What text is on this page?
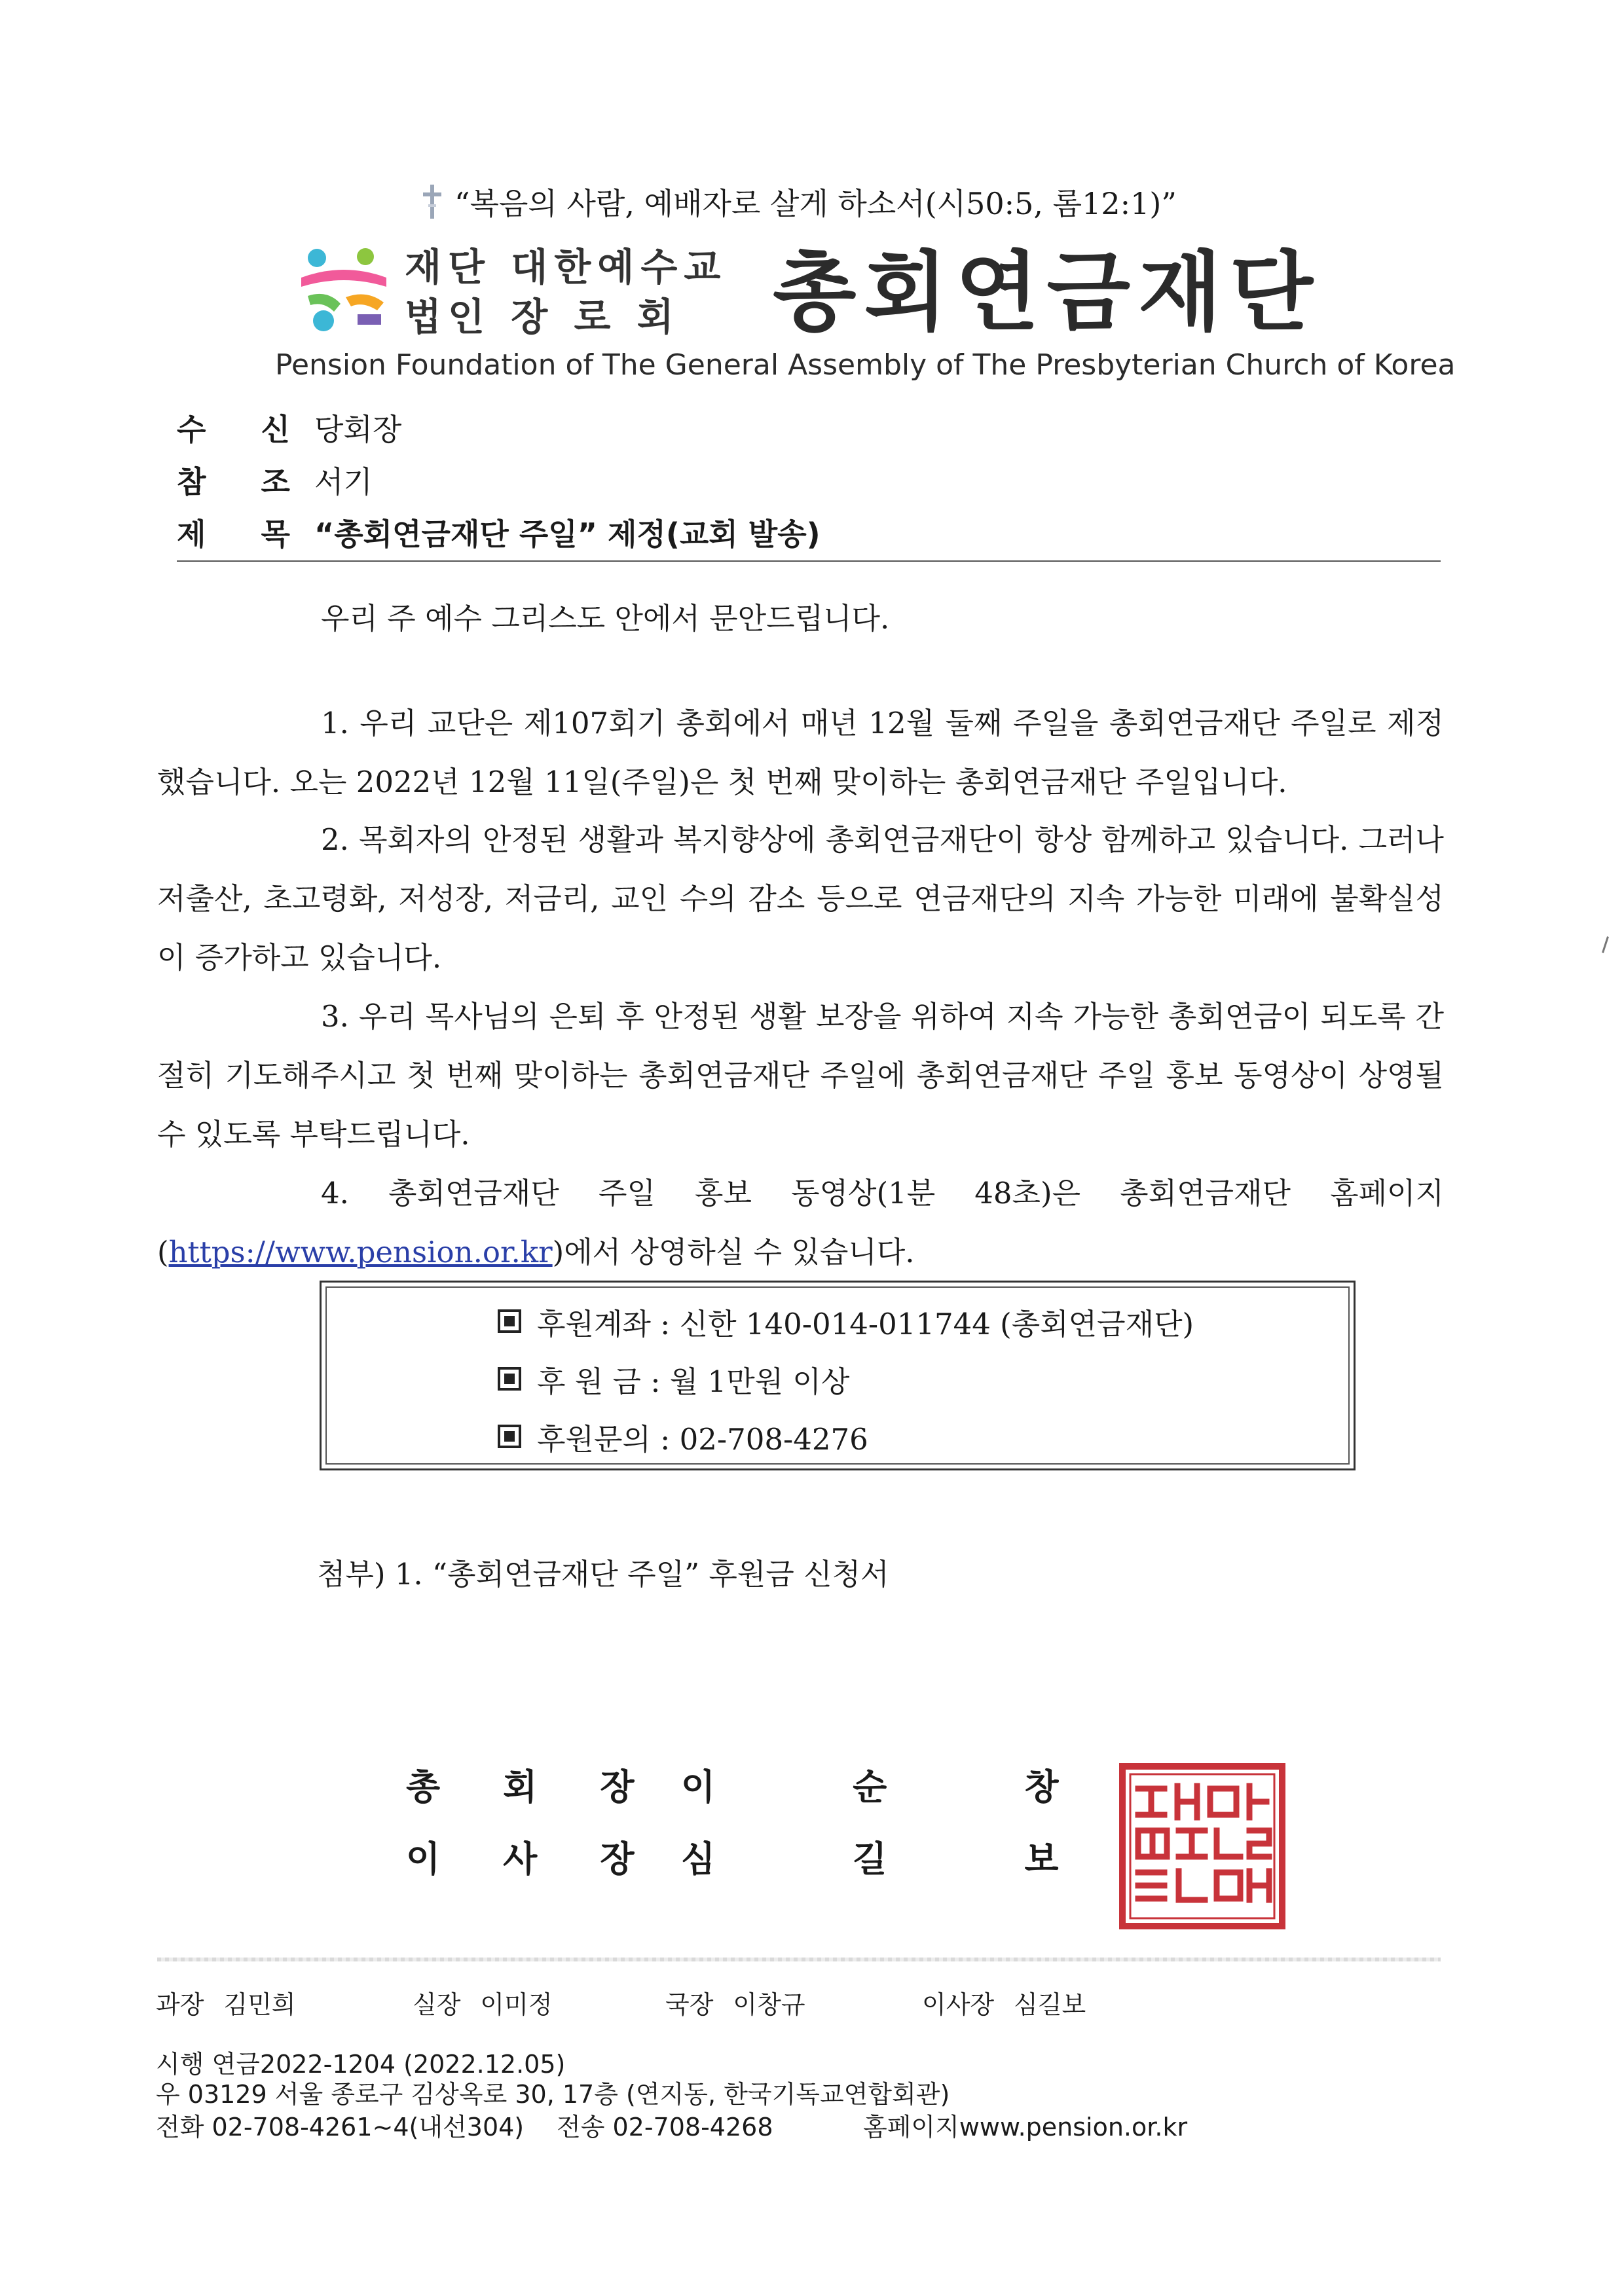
“복음의 사람, 예배자로 살게 하소서(시50:5, 롬12:1)”
재단 대한예수교
법인 장 로 회	총회연금재단
Pension Foundation of The General Assembly of The Presbyterian Church of Korea
수 신 당회장
참 조 서기
제 목 “총회연금재단 주일” 제정(교회 발송)
우리 주 예수 그리스도 안에서 문안드립니다.
1. 우리 교단은 제107회기 총회에서 매년 12월 둘째 주일을 총회연금재단 주일로 제정했습니다. 오는 2022년 12월 11일(주일)은 첫 번째 맞이하는 총회연금재단 주일입니다.
2. 목회자의 안정된 생활과 복지향상에 총회연금재단이 항상 함께하고 있습니다. 그러나 저출산, 초고령화, 저성장, 저금리, 교인 수의 감소 등으로 연금재단의 지속 가능한 미래에 불확실성이 증가하고 있습니다.
3. 우리 목사님의 은퇴 후 안정된 생활 보장을 위하여 지속 가능한 총회연금이 되도록 간절히 기도해주시고 첫 번째 맞이하는 총회연금재단 주일에 총회연금재단 주일 홍보 동영상이 상영될 수 있도록 부탁드립니다.
4. 총회연금재단 주일 홍보 동영상(1분 48초)은 총회연금재단 홈페이지 (https://www.pension.or.kr)에서 상영하실 수 있습니다.
후원계좌 : 신한 140-014-011744 (총회연금재단)
후 원 금 : 월 1만원 이상
후원문의 : 02-708-4276
첨부) 1. “총회연금재단 주일” 후원금 신청서
총회장
이순창
이사장
심길보
과장 김민희	실장 이미정	국장 이창규	이사장 심길보
시행 연금2022-1204 (2022.12.05)
우 03129 서울 종로구 김상옥로 30, 17층 (연지동, 한국기독교연합회관)
전화 02-708-4261~4(내선304) 전송 02-708-4268	홈페이지www.pension.or.kr
